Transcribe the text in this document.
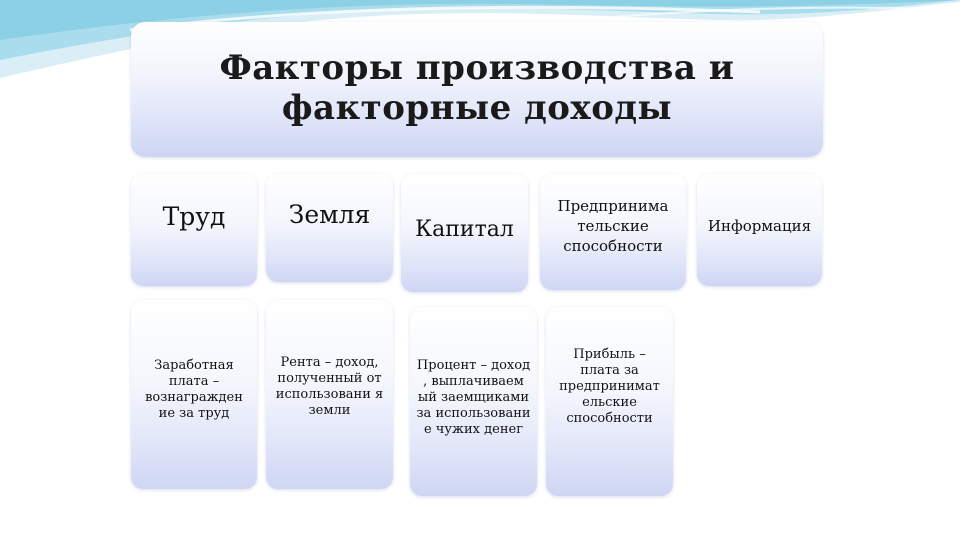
Факторы производства и
факторные доходы
Труд	Земля
Капитал
Предпринима тельские способности
Информация
Заработная плата – вознагражден ие за труд
Рента – доход, полученный от использовани я земли
Процент – доход , выплачиваем ый заемщиками за использовани е чужих денег
Прибыль – плата за предпринимат ельские способности
